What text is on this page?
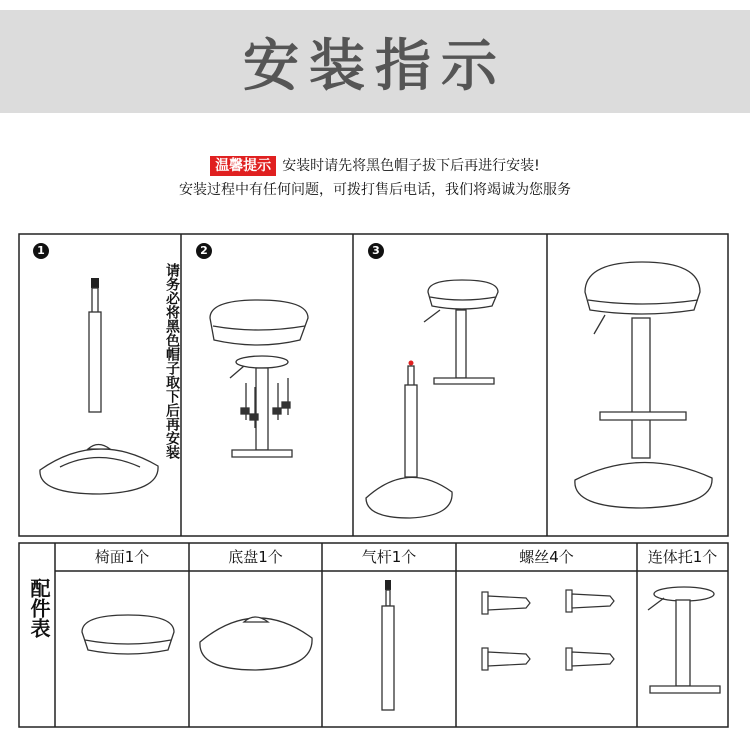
安装指示
温馨提示 安装时请先将黑色帽子拔下后再进行安装!
安装过程中有任何问题，可拨打售后电话，我们将竭诚为您服务
1
请务必将黑色帽子取下后再安装
2	3
配件表
椅面1个	底盘1个	气杆1个	螺丝4个	连体托1个
